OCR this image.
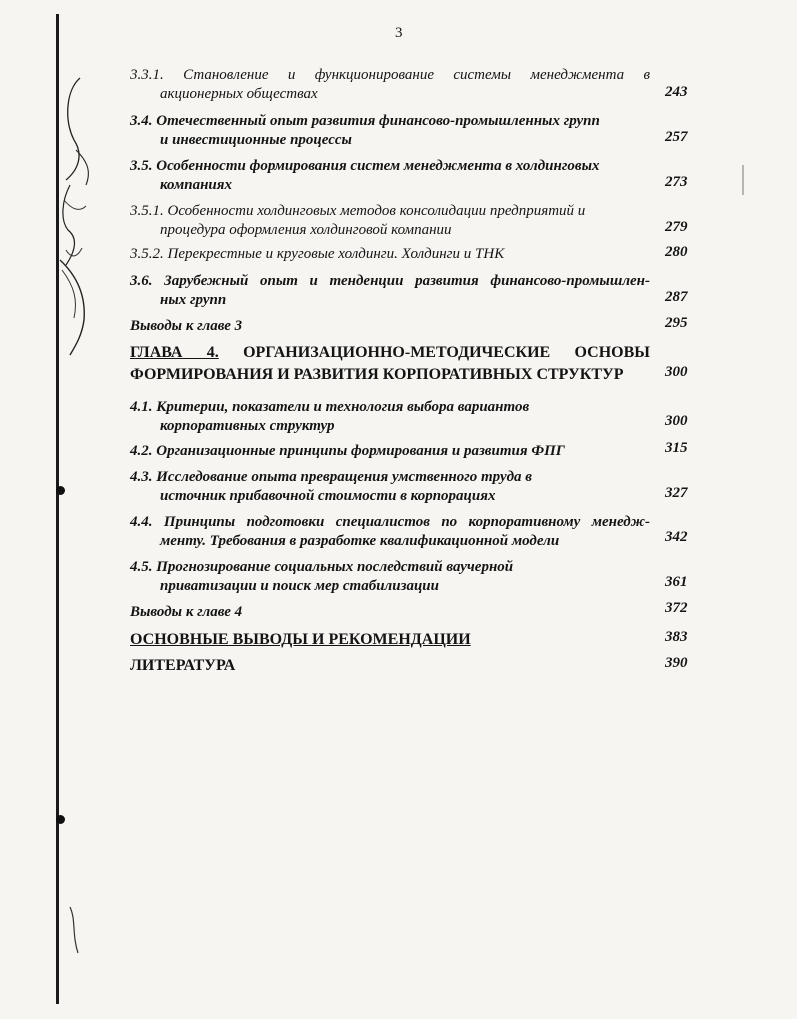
3
3.3.1. Становление и функционирование системы менеджмента в
акционерных обществах	243
3.4. Отечественный опыт развития финансово-промышленных групп
и инвестиционные процессы	257
3.5. Особенности формирования систем менеджмента в холдинговых
компаниях	273
3.5.1. Особенности холдинговых методов консолидации предприятий и
процедура оформления холдинговой компании	279
3.5.2. Перекрестные и круговые холдинги. Холдинги и ТНК	280
3.6. Зарубежный опыт и тенденции развития финансово-промышлен-
ных групп	287
Выводы к главе 3	295
ГЛАВА 4. ОРГАНИЗАЦИОННО-МЕТОДИЧЕСКИЕ ОСНОВЫ
ФОРМИРОВАНИЯ И РАЗВИТИЯ КОРПОРАТИВНЫХ СТРУКТУР	300
4.1. Критерии, показатели и технология выбора вариантов
корпоративных структур	300
4.2. Организационные принципы формирования и развития ФПГ	315
4.3. Исследование опыта превращения умственного труда в
источник прибавочной стоимости в корпорациях	327
4.4. Принципы подготовки специалистов по корпоративному менедж-
менту. Требования в разработке квалификационной модели	342
4.5. Прогнозирование социальных последствий ваучерной
приватизации и поиск мер стабилизации	361
Выводы к главе 4	372
ОСНОВНЫЕ ВЫВОДЫ И РЕКОМЕНДАЦИИ	383
ЛИТЕРАТУРА	390
